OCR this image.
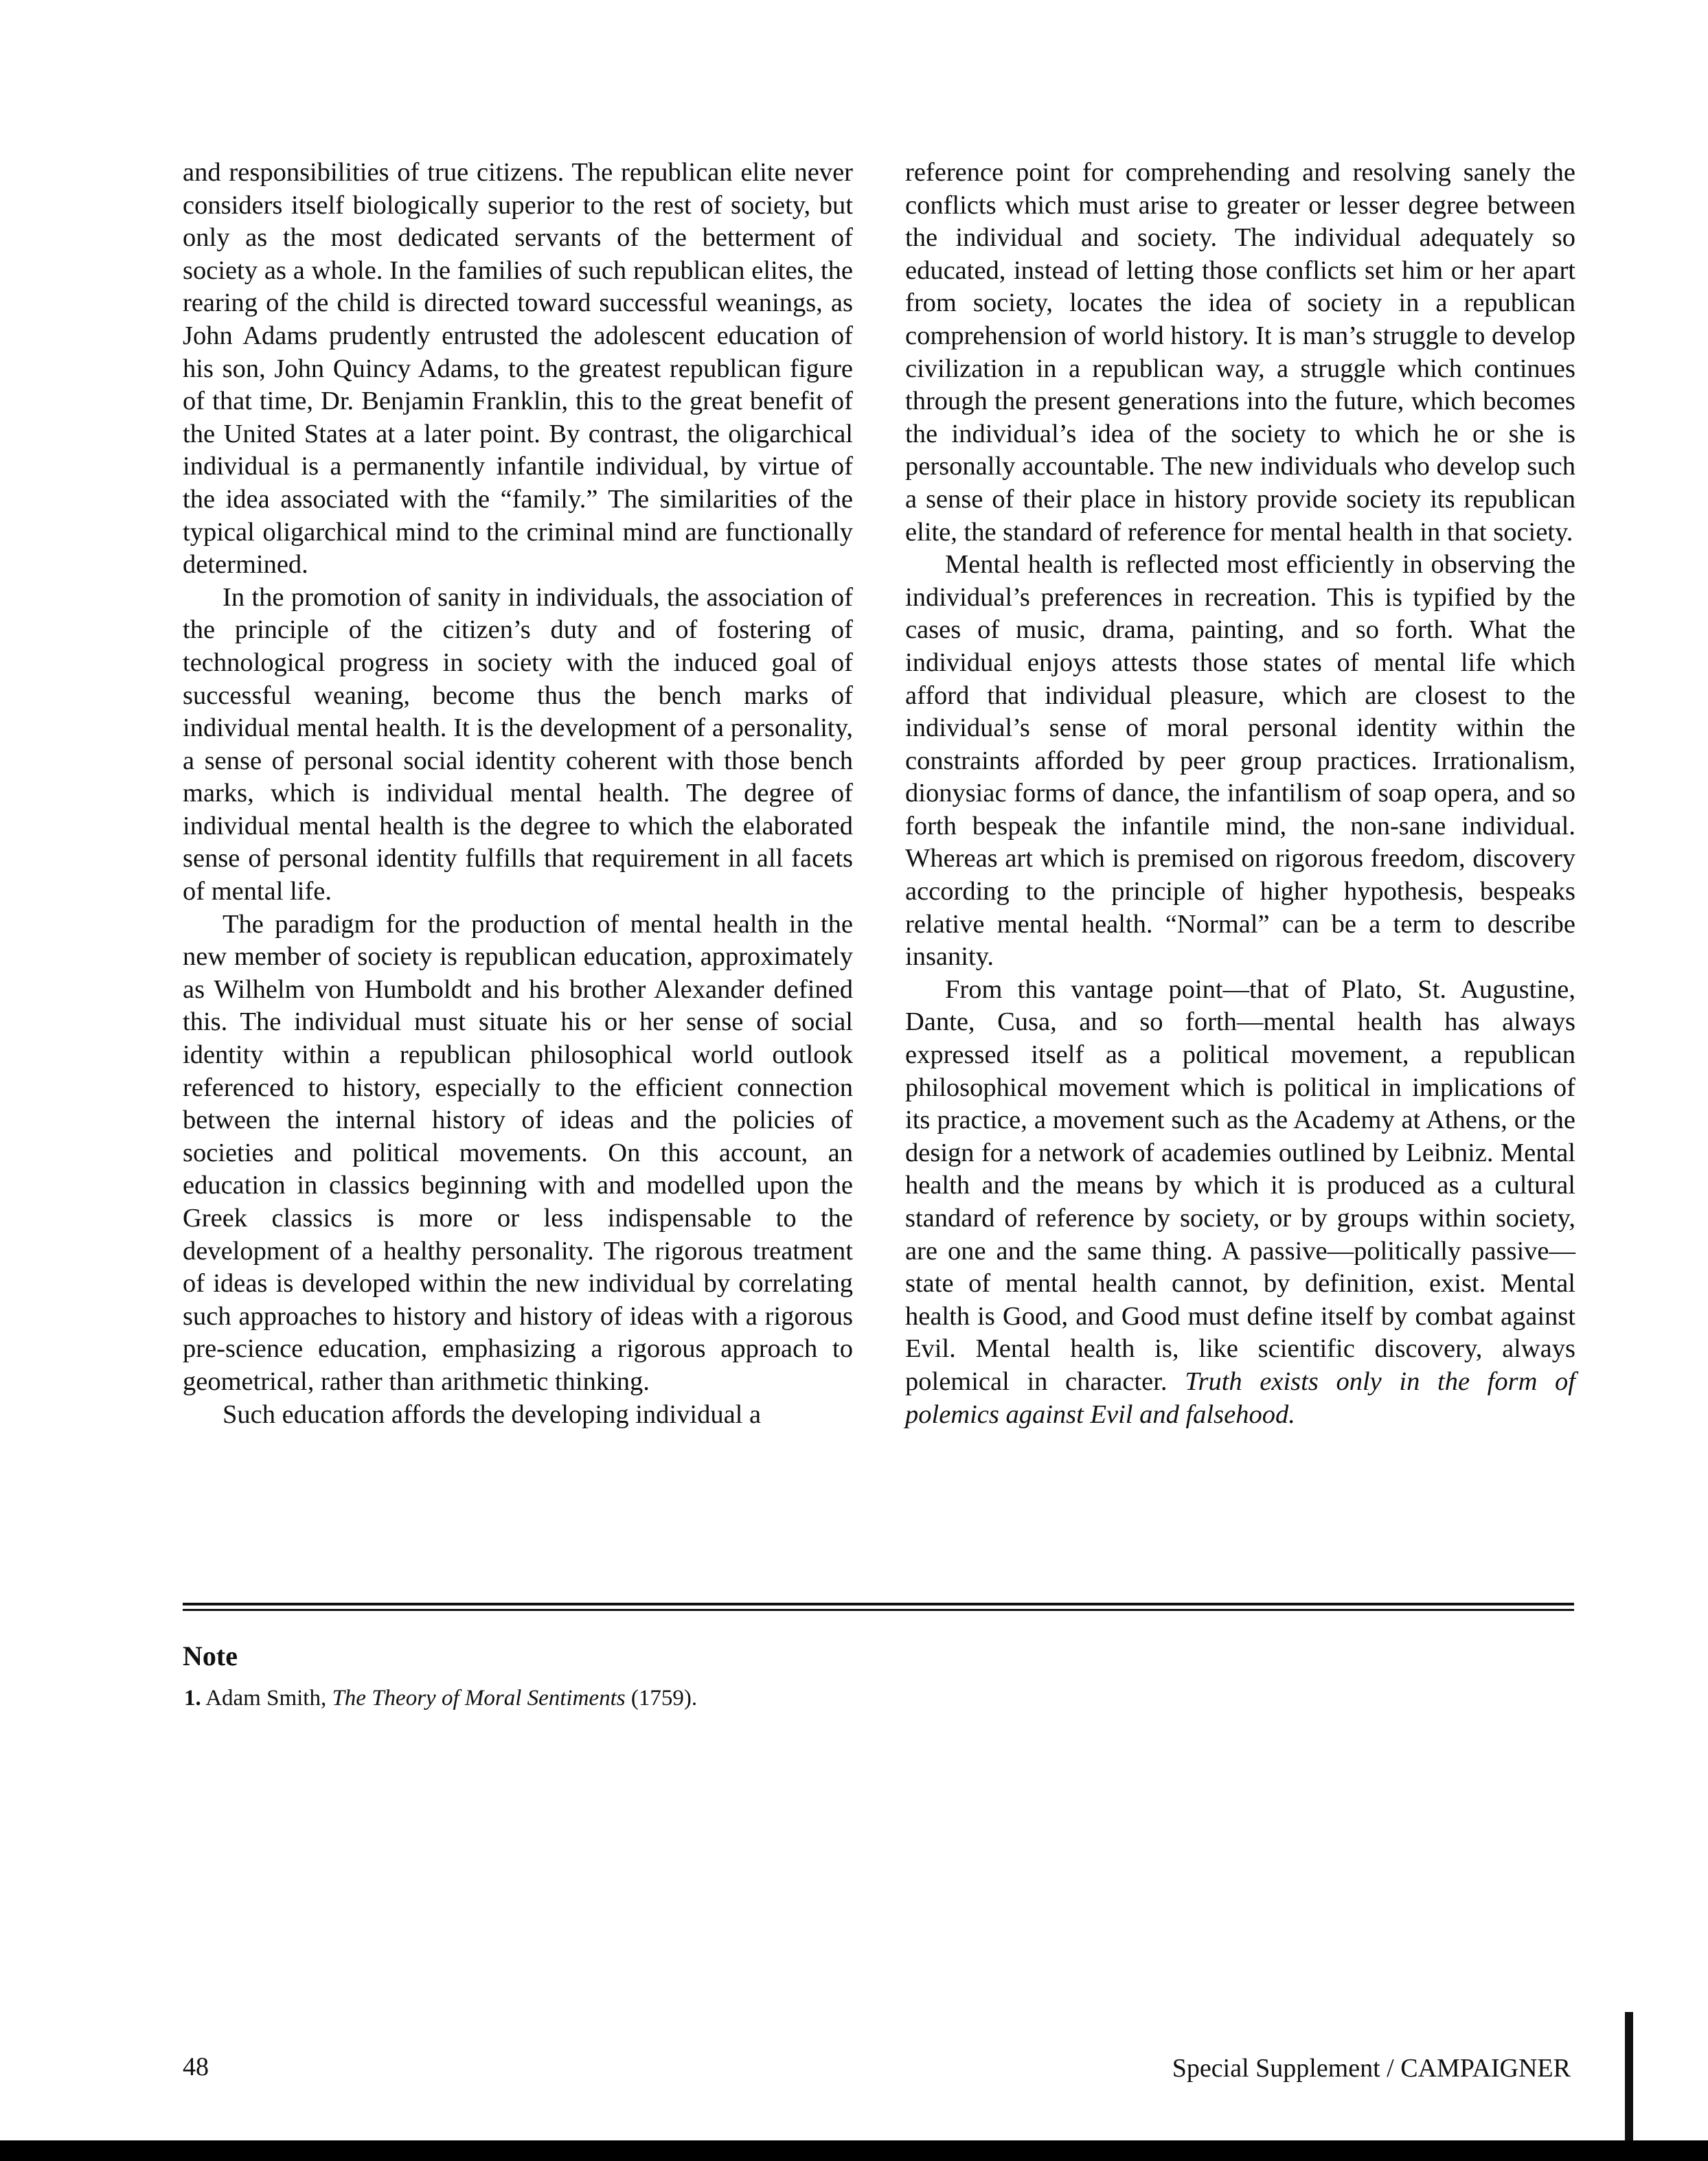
and responsibilities of true citizens. The republican elite never considers itself biologically superior to the rest of society, but only as the most dedicated servants of the betterment of society as a whole. In the families of such republican elites, the rearing of the child is directed toward successful weanings, as John Adams prudently entrusted the adolescent education of his son, John Quincy Adams, to the greatest republican figure of that time, Dr. Benjamin Franklin, this to the great benefit of the United States at a later point. By contrast, the oligarchical individual is a permanently infantile individual, by virtue of the idea associated with the “family.” The similarities of the typical oligarchical mind to the criminal mind are functionally determined.

In the promotion of sanity in individuals, the association of the principle of the citizen’s duty and of fostering of technological progress in society with the induced goal of successful weaning, become thus the bench marks of individual mental health. It is the development of a personality, a sense of personal social identity coherent with those bench marks, which is individual mental health. The degree of individual mental health is the degree to which the elaborated sense of personal identity fulfills that requirement in all facets of mental life.

The paradigm for the production of mental health in the new member of society is republican education, approximately as Wilhelm von Humboldt and his brother Alexander defined this. The individual must situate his or her sense of social identity within a republican philosophical world outlook referenced to history, especially to the efficient connection between the internal history of ideas and the policies of societies and political movements. On this account, an education in classics beginning with and modelled upon the Greek classics is more or less indispensable to the development of a healthy personality. The rigorous treatment of ideas is developed within the new individual by correlating such approaches to history and history of ideas with a rigorous pre-science education, emphasizing a rigorous approach to geometrical, rather than arithmetic thinking.

Such education affords the developing individual a

reference point for comprehending and resolving sanely the conflicts which must arise to greater or lesser degree between the individual and society. The individual adequately so educated, instead of letting those conflicts set him or her apart from society, locates the idea of society in a republican comprehension of world history. It is man’s struggle to develop civilization in a republican way, a struggle which continues through the present generations into the future, which becomes the individual’s idea of the society to which he or she is personally accountable. The new individuals who develop such a sense of their place in history provide society its republican elite, the standard of reference for mental health in that society.

Mental health is reflected most efficiently in observing the individual’s preferences in recreation. This is typified by the cases of music, drama, painting, and so forth. What the individual enjoys attests those states of mental life which afford that individual pleasure, which are closest to the individual’s sense of moral personal identity within the constraints afforded by peer group practices. Irrationalism, dionysiac forms of dance, the infantilism of soap opera, and so forth bespeak the infantile mind, the non-sane individual. Whereas art which is premised on rigorous freedom, discovery according to the principle of higher hypothesis, bespeaks relative mental health. “Normal” can be a term to describe insanity.

From this vantage point—that of Plato, St. Augustine, Dante, Cusa, and so forth—mental health has always expressed itself as a political movement, a republican philosophical movement which is political in implications of its practice, a movement such as the Academy at Athens, or the design for a network of academies outlined by Leibniz. Mental health and the means by which it is produced as a cultural standard of reference by society, or by groups within society, are one and the same thing. A passive—politically passive—state of mental health cannot, by definition, exist. Mental health is Good, and Good must define itself by combat against Evil. Mental health is, like scientific discovery, always polemical in character. Truth exists only in the form of polemics against Evil and falsehood.

Note
1. Adam Smith, The Theory of Moral Sentiments (1759).
48	Special Supplement / CAMPAIGNER
